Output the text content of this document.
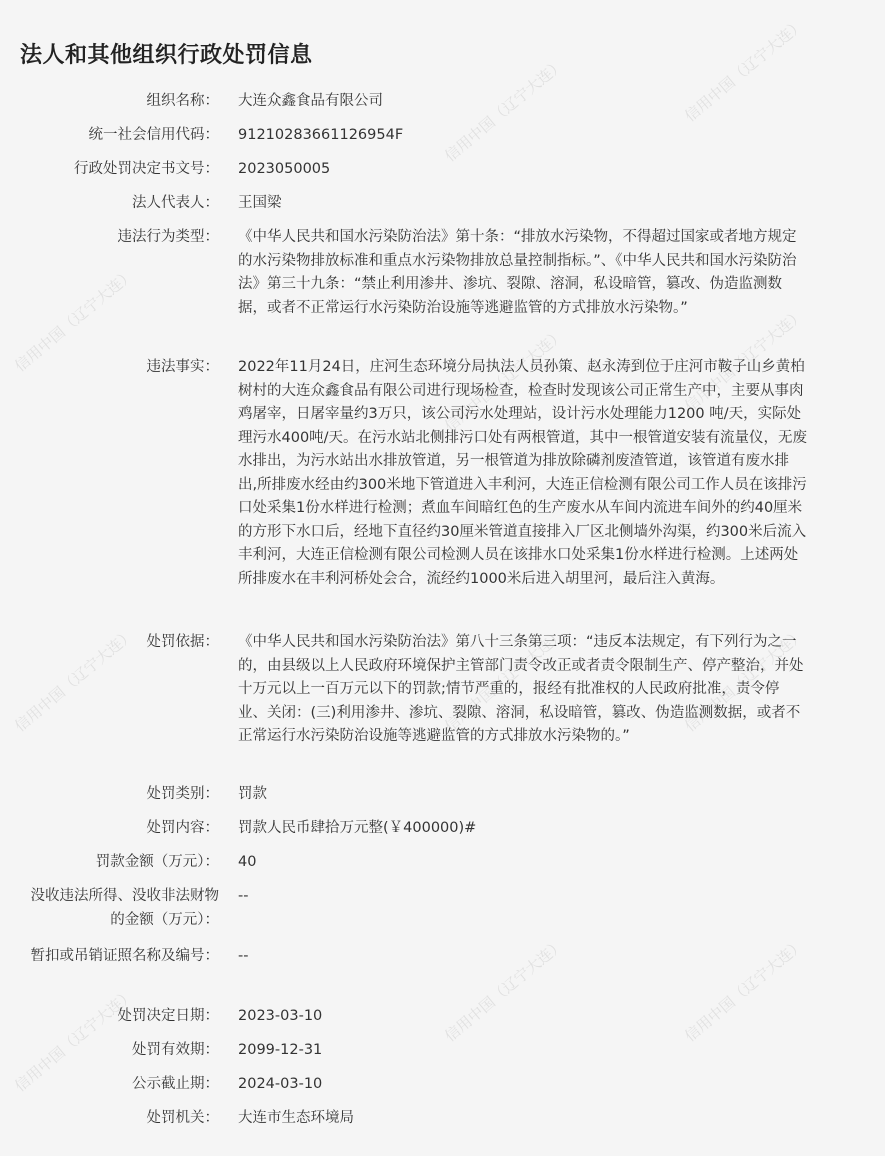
信用中国（辽宁大连）	信用中国（辽宁大连）
信用中国（辽宁大连）
信用中国（辽宁大连）	信用中国（辽宁大连）
信用中国（辽宁大连）	信用中国（辽宁大连）	信用中国（辽宁大连）
信用中国（辽宁大连）	信用中国（辽宁大连）	信用中国（辽宁大连）
法人和其他组织行政处罚信息
组织名称：	大连众鑫食品有限公司
统一社会信用代码：	91210283661126954F
行政处罚决定书文号：	2023050005
法人代表人：	王国梁
违法行为类型：	《中华人民共和国水污染防治法》第十条：“排放水污染物，不得超过国家或者地方规定的水污染物排放标准和重点水污染物排放总量控制指标。”、《中华人民共和国水污染防治法》第三十九条：“禁止利用渗井、渗坑、裂隙、溶洞，私设暗管，篡改、伪造监测数据，或者不正常运行水污染防治设施等逃避监管的方式排放水污染物。”
违法事实：	2022年11月24日，庄河生态环境分局执法人员孙策、赵永涛到位于庄河市鞍子山乡黄柏树村的大连众鑫食品有限公司进行现场检查，检查时发现该公司正常生产中，主要从事肉鸡屠宰，日屠宰量约3万只，该公司污水处理站，设计污水处理能力1200 吨/天，实际处理污水400吨/天。在污水站北侧排污口处有两根管道，其中一根管道安装有流量仪，无废水排出，为污水站出水排放管道，另一根管道为排放除磷剂废渣管道，该管道有废水排出,所排废水经由约300米地下管道进入丰利河，大连正信检测有限公司工作人员在该排污口处采集1份水样进行检测；煮血车间暗红色的生产废水从车间内流进车间外的约40厘米的方形下水口后，经地下直径约30厘米管道直接排入厂区北侧墙外沟渠，约300米后流入丰利河，大连正信检测有限公司检测人员在该排水口处采集1份水样进行检测。上述两处所排废水在丰利河桥处会合，流经约1000米后进入胡里河，最后注入黄海。
处罚依据：	《中华人民共和国水污染防治法》第八十三条第三项：“违反本法规定，有下列行为之一的，由县级以上人民政府环境保护主管部门责令改正或者责令限制生产、停产整治，并处十万元以上一百万元以下的罚款;情节严重的，报经有批准权的人民政府批准，责令停业、关闭：(三)利用渗井、渗坑、裂隙、溶洞，私设暗管，篡改、伪造监测数据，或者不正常运行水污染防治设施等逃避监管的方式排放水污染物的。”
处罚类别：	罚款
处罚内容：	罚款人民币肆拾万元整(￥400000)#
罚款金额（万元）：	40
没收违法所得、没收非法财物的金额（万元）：
--
暂扣或吊销证照名称及编号：	--
处罚决定日期：	2023-03-10
处罚有效期：	2099-12-31
公示截止期：	2024-03-10
处罚机关：	大连市生态环境局
